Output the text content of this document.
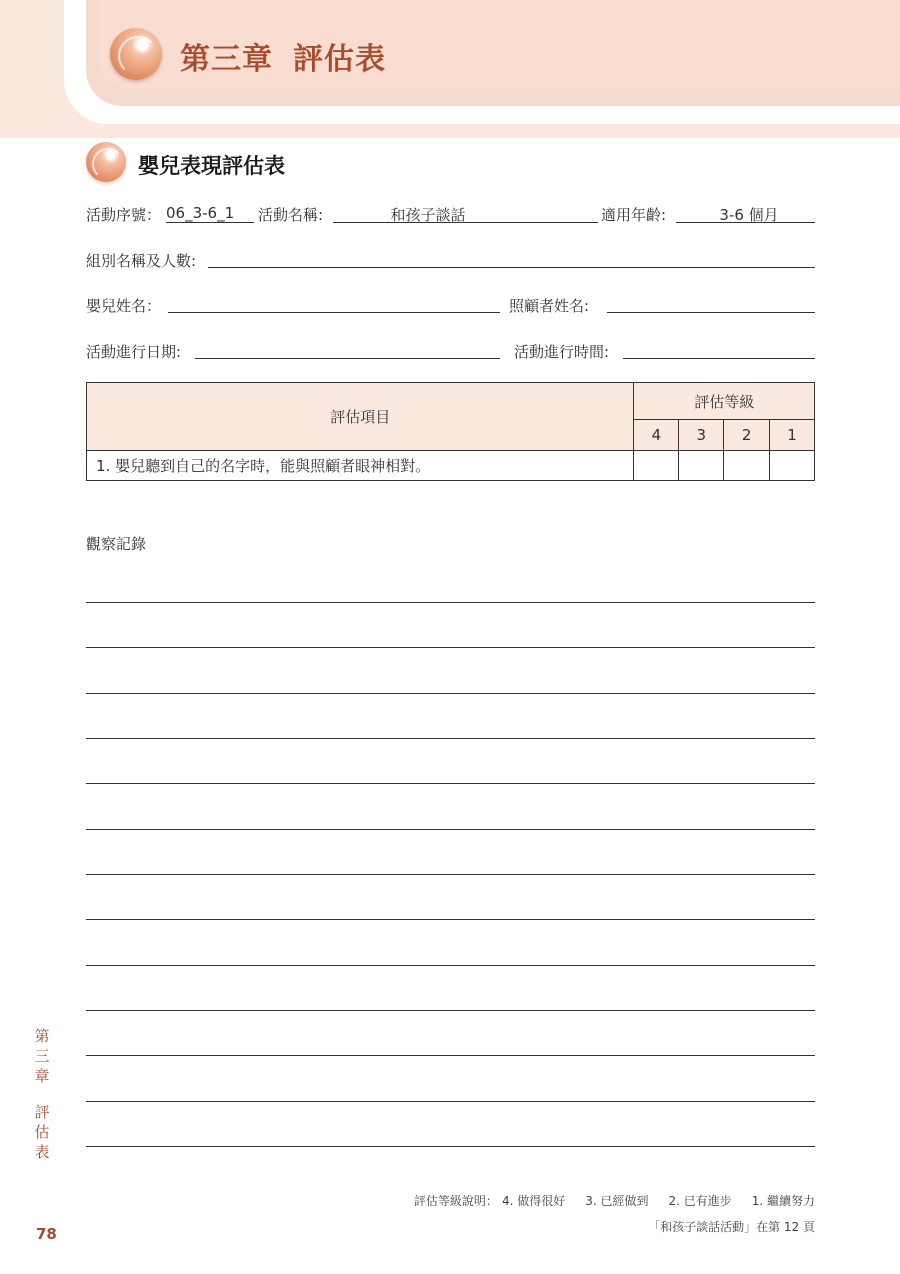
第三章 評估表
嬰兒表現評估表
活動序號： 06_3-6_1 活動名稱:	和孩子談話	適用年齡:	3-6 個月
組別名稱及人數:
嬰兒姓名：	照顧者姓名:
活動進行日期:	活動進行時間:
評估項目	評估等級			
	4	3	2	1
1. 嬰兒聽到自己的名字時，能與照顧者眼神相對。				
觀察記錄
第
三
章
評
估
表
78
評估等級說明： 4. 做得很好 3. 已經做到 2. 已有進步 1. 繼續努力
「和孩子談話活動」在第 12 頁
